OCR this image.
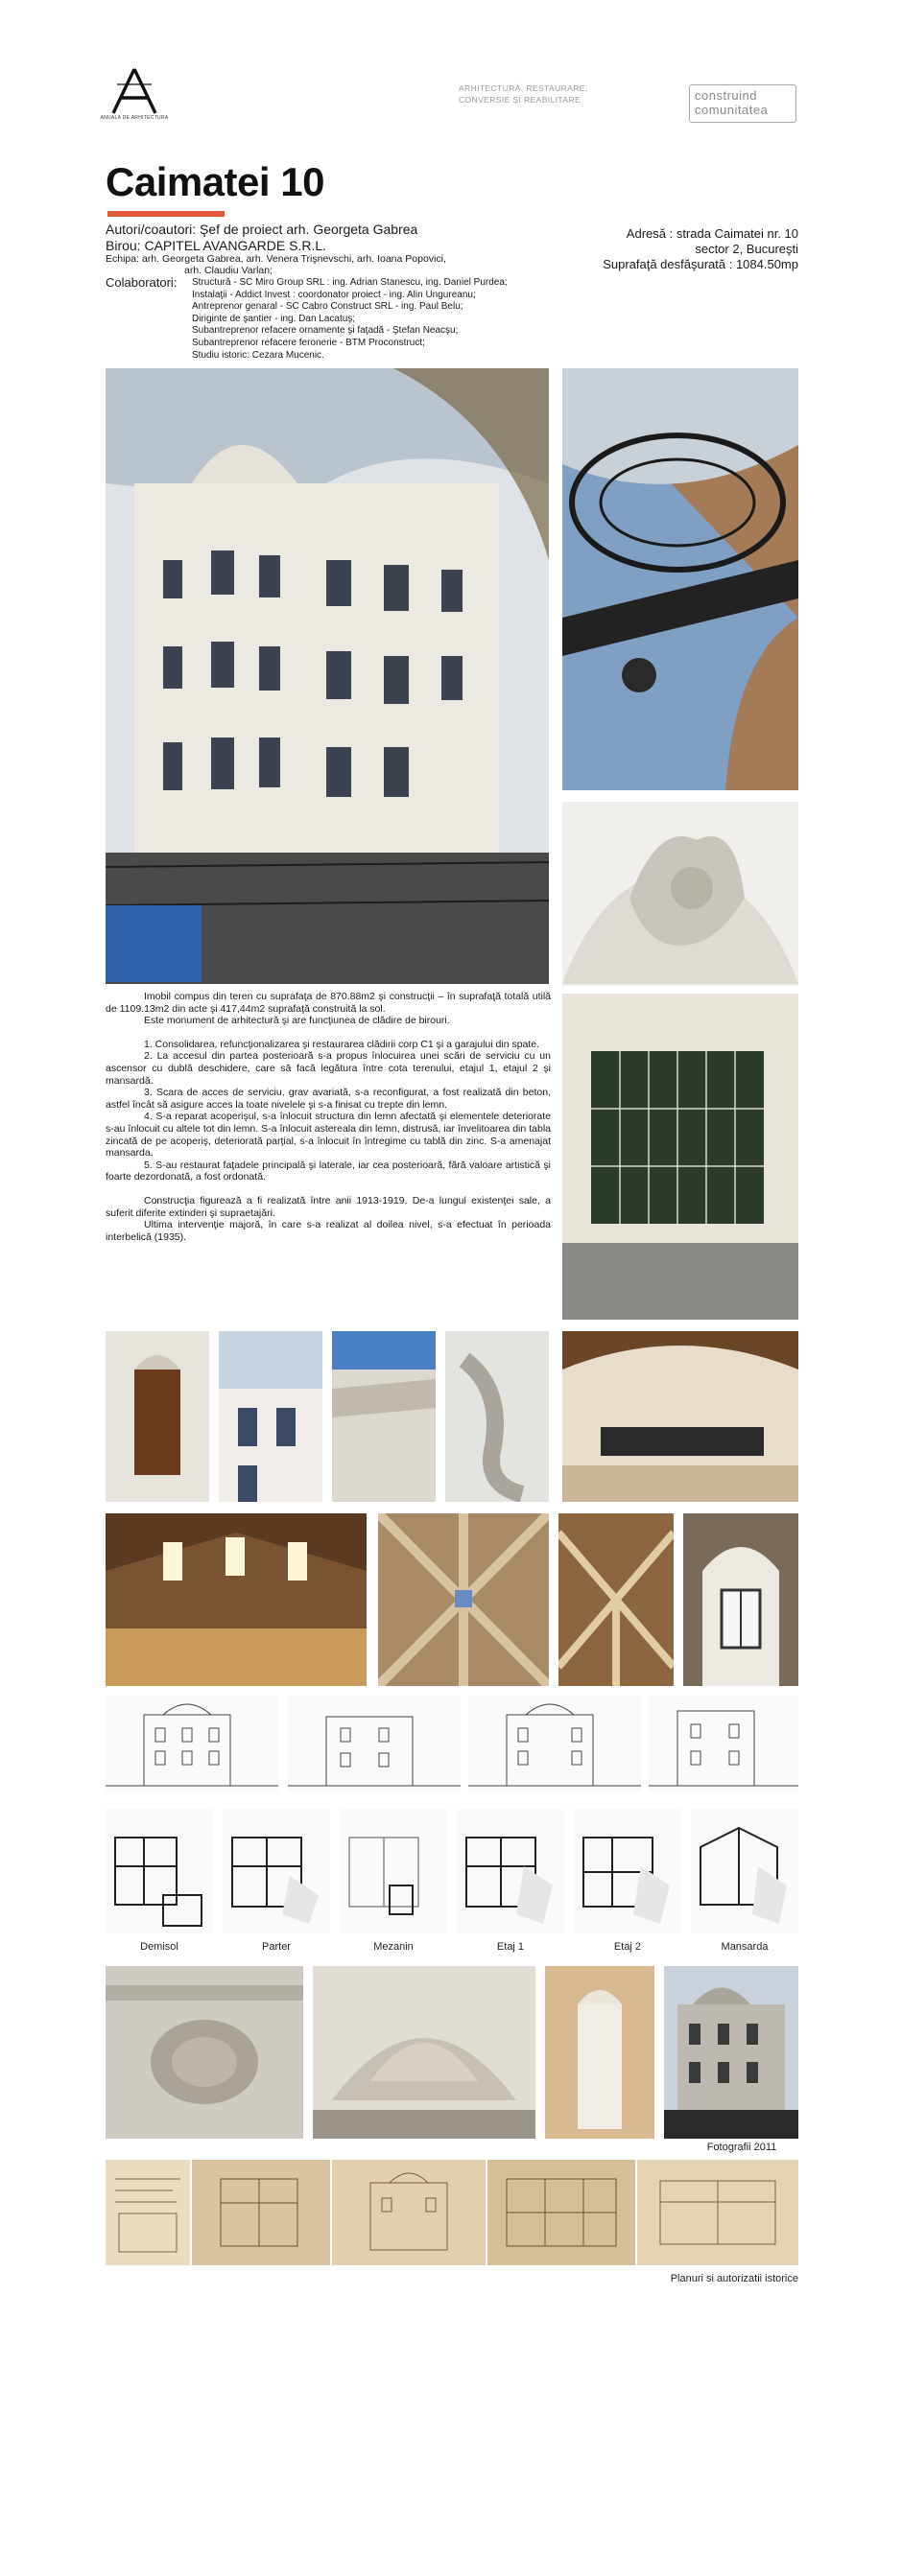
ANUALA DE ARHITECTURA
ARHITECTURĂ, RESTAURARE,
CONVERSIE ȘI REABILITARE	construind
comunitatea
Caimatei 10
Autori/coautori: Şef de proiect arh. Georgeta Gabrea
Birou: CAPITEL AVANGARDE S.R.L.
Echipa: arh. Georgeta Gabrea, arh. Venera Trişnevschi, arh. Ioana Popovici,
arh. Claudiu Varlan;
Colaboratori: Structură - SC Miro Group SRL : ing. Adrian Stanescu, ing. Daniel Purdea;
Instalaţii - Addict Invest : coordonator proiect - ing. Alin Ungureanu;
Antreprenor genaral - SC Cabro Construct SRL - ing. Paul Belu;
Diriginte de şantier - ing. Dan Lacatuş;
Subantreprenor refacere ornamente şi faţadă - Ştefan Neacşu;
Subantreprenor refacere feronerie - BTM Proconstruct;
Studiu istoric: Cezara Mucenic.
Adresă : strada Caimatei nr. 10
sector 2, Bucureşti
Suprafaţă desfăşurată : 1084.50mp

Imobil compus din teren cu suprafaţa de 870.88m2 şi construcţii – în suprafaţă totală utilă de 1109.13m2 din acte şi 417,44m2 suprafaţă construită la sol.

Este monument de arhitectură şi are funcţiunea de clădire de birouri.

1. Consolidarea, refuncţionalizarea şi restaurarea clădirii corp C1 şi a garajului din spate.

2. La accesul din partea posterioară s-a propus înlocuirea unei scări de serviciu cu un ascensor cu dublă deschidere, care să facă legătura între cota terenului, etajul 1, etajul 2 şi mansardă.

3. Scara de acces de serviciu, grav avariată, s-a reconfigurat, a fost realizată din beton, astfel încât să asigure acces la toate nivelele şi s-a finisat cu trepte din lemn.

4. S-a reparat acoperişul, s-a înlocuit structura din lemn afectată şi elementele deteriorate s-au înlocuit cu altele tot din lemn. S-a înlocuit astereala din lemn, distrusă, iar învelitoarea din tabla zincată de pe acoperiş, deteriorată parţial, s-a înlocuit în întregime cu tablă din zinc. S-a amenajat mansarda.

5. S-au restaurat faţadele principală şi laterale, iar cea posterioară, fără valoare artistică şi foarte dezordonată, a fost ordonată.

Construcţia figurează a fi realizată între anii 1913-1919. De-a lungul existenţei sale, a suferit diferite extinderi şi supraetajări.

Ultima intervenţie majoră, în care s-a realizat al doilea nivel, s-a efectuat în perioada interbelică (1935).

Demisol	Parter	Mezanin	Etaj 1	Etaj 2	Mansarda
Fotografii 2011
Planuri si autorizatii istorice
